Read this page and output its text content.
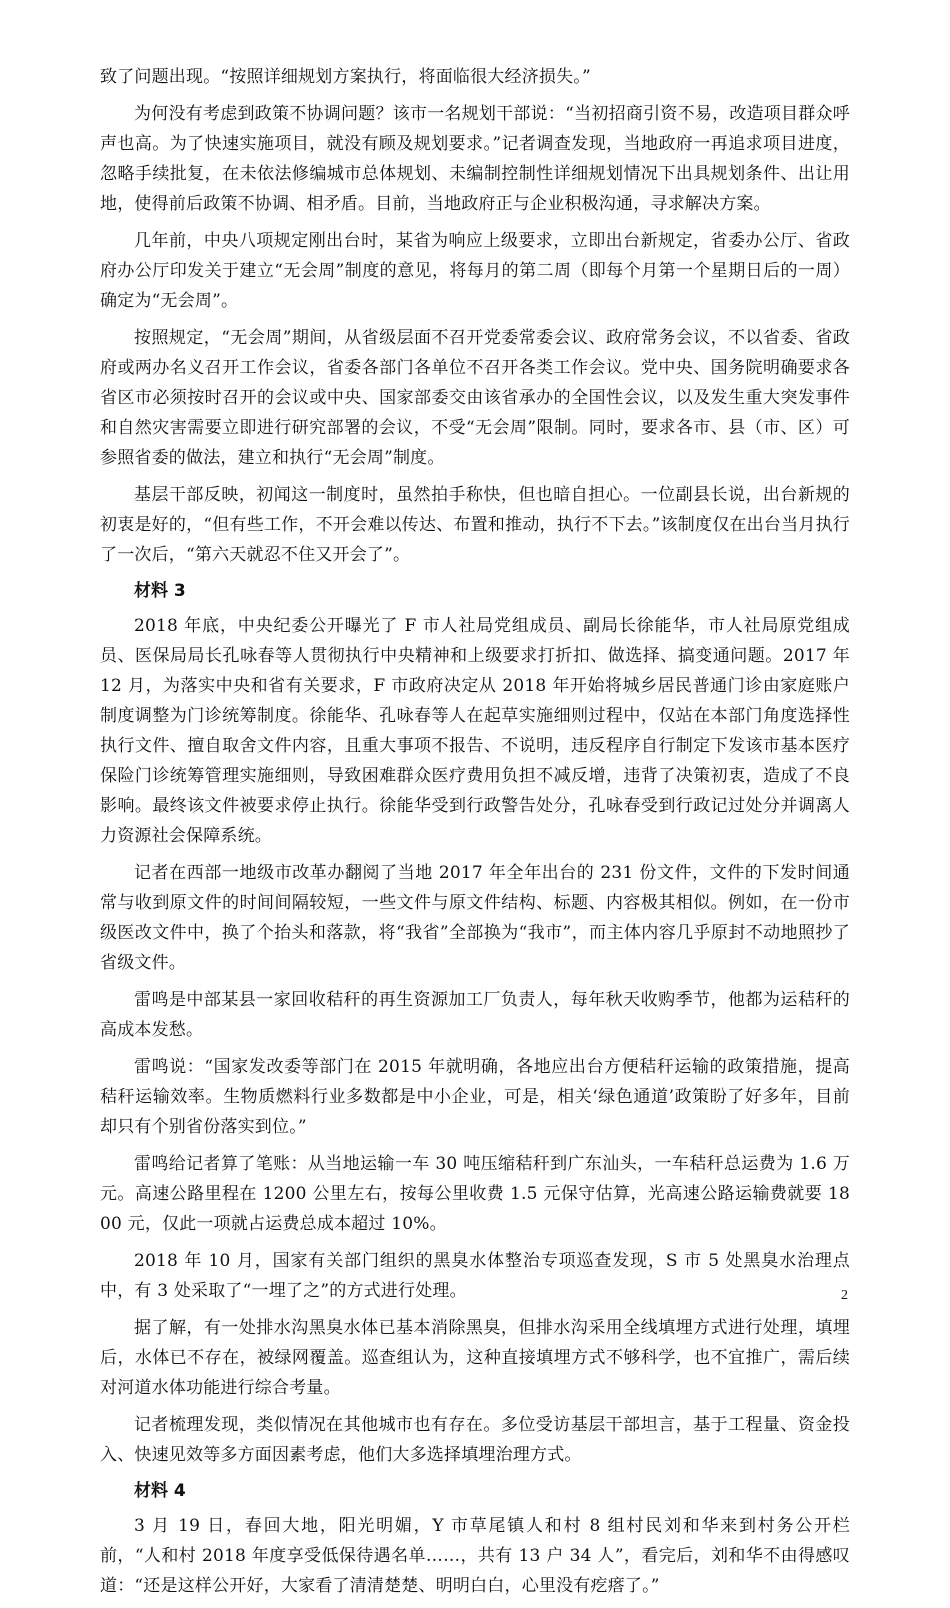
致了问题出现。“按照详细规划方案执行，将面临很大经济损失。”

为何没有考虑到政策不协调问题？该市一名规划干部说：“当初招商引资不易，改造项目群众呼声也高。为了快速实施项目，就没有顾及规划要求。”记者调查发现，当地政府一再追求项目进度，忽略手续批复，在未依法修编城市总体规划、未编制控制性详细规划情况下出具规划条件、出让用地，使得前后政策不协调、相矛盾。目前，当地政府正与企业积极沟通，寻求解决方案。

几年前，中央八项规定刚出台时，某省为响应上级要求，立即出台新规定，省委办公厅、省政府办公厅印发关于建立“无会周”制度的意见，将每月的第二周（即每个月第一个星期日后的一周）确定为“无会周”。

按照规定，“无会周”期间，从省级层面不召开党委常委会议、政府常务会议，不以省委、省政府或两办名义召开工作会议，省委各部门各单位不召开各类工作会议。党中央、国务院明确要求各省区市必须按时召开的会议或中央、国家部委交由该省承办的全国性会议，以及发生重大突发事件和自然灾害需要立即进行研究部署的会议，不受“无会周”限制。同时，要求各市、县（市、区）可参照省委的做法，建立和执行“无会周”制度。

基层干部反映，初闻这一制度时，虽然拍手称快，但也暗自担心。一位副县长说，出台新规的初衷是好的，“但有些工作，不开会难以传达、布置和推动，执行不下去。”该制度仅在出台当月执行了一次后，“第六天就忍不住又开会了”。

材料 3

2018 年底，中央纪委公开曝光了 F 市人社局党组成员、副局长徐能华，市人社局原党组成员、医保局局长孔咏春等人贯彻执行中央精神和上级要求打折扣、做选择、搞变通问题。2017 年 12 月，为落实中央和省有关要求，F 市政府决定从 2018 年开始将城乡居民普通门诊由家庭账户制度调整为门诊统筹制度。徐能华、孔咏春等人在起草实施细则过程中，仅站在本部门角度选择性执行文件、擅自取舍文件内容，且重大事项不报告、不说明，违反程序自行制定下发该市基本医疗保险门诊统筹管理实施细则，导致困难群众医疗费用负担不减反增，违背了决策初衷，造成了不良影响。最终该文件被要求停止执行。徐能华受到行政警告处分，孔咏春受到行政记过处分并调离人力资源社会保障系统。

记者在西部一地级市改革办翻阅了当地 2017 年全年出台的 231 份文件，文件的下发时间通常与收到原文件的时间间隔较短，一些文件与原文件结构、标题、内容极其相似。例如，在一份市级医改文件中，换了个抬头和落款，将“我省”全部换为“我市”，而主体内容几乎原封不动地照抄了省级文件。

雷鸣是中部某县一家回收秸秆的再生资源加工厂负责人，每年秋天收购季节，他都为运秸秆的高成本发愁。

雷鸣说：“国家发改委等部门在 2015 年就明确，各地应出台方便秸秆运输的政策措施，提高秸秆运输效率。生物质燃料行业多数都是中小企业，可是，相关‘绿色通道’政策盼了好多年，目前却只有个别省份落实到位。”

雷鸣给记者算了笔账：从当地运输一车 30 吨压缩秸秆到广东汕头，一车秸秆总运费为 1.6 万元。高速公路里程在 1200 公里左右，按每公里收费 1.5 元保守估算，光高速公路运输费就要 1800 元，仅此一项就占运费总成本超过 10%。

2018 年 10 月，国家有关部门组织的黑臭水体整治专项巡查发现，S 市 5 处黑臭水治理点中，有 3 处采取了“一埋了之”的方式进行处理。

据了解，有一处排水沟黑臭水体已基本消除黑臭，但排水沟采用全线填埋方式进行处理，填埋后，水体已不存在，被绿网覆盖。巡查组认为，这种直接填埋方式不够科学，也不宜推广，需后续对河道水体功能进行综合考量。

记者梳理发现，类似情况在其他城市也有存在。多位受访基层干部坦言，基于工程量、资金投入、快速见效等多方面因素考虑，他们大多选择填埋治理方式。

材料 4

3 月 19 日，春回大地，阳光明媚，Y 市草尾镇人和村 8 组村民刘和华来到村务公开栏前，“人和村 2018 年度享受低保待遇名单……，共有 13 户 34 人”，看完后，刘和华不由得感叹道：“还是这样公开好，大家看了清清楚楚、明明白白，心里没有疙瘩了。”

2
